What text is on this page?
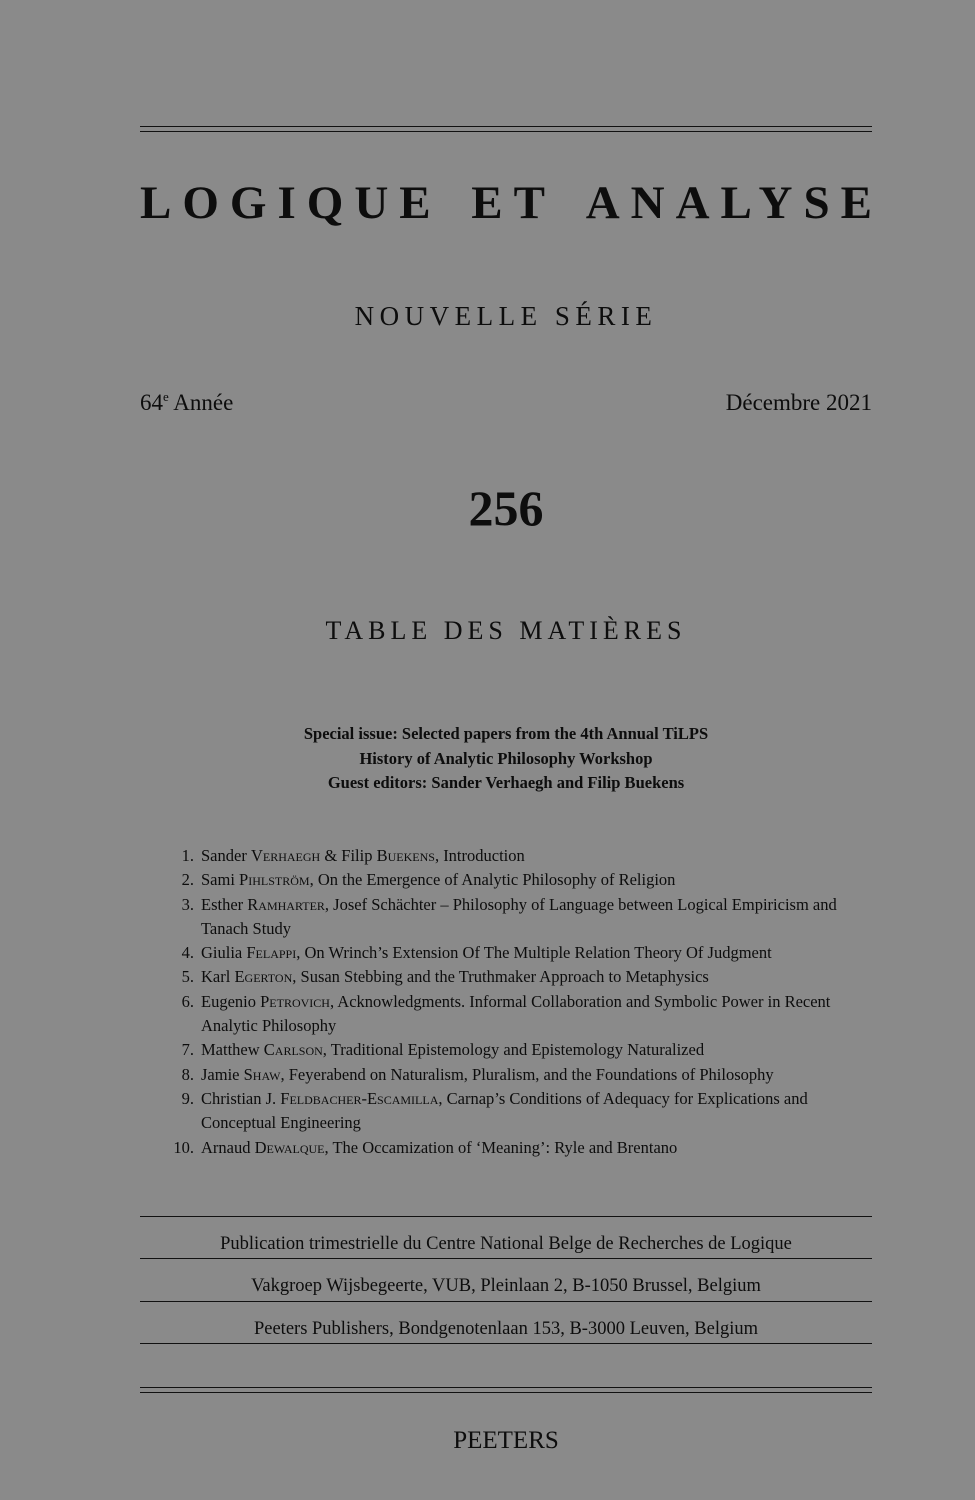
LOGIQUE ET ANALYSE
NOUVELLE SÉRIE
64e Année	Décembre 2021
256
TABLE DES MATIÈRES
Special issue: Selected papers from the 4th Annual TiLPS
History of Analytic Philosophy Workshop
Guest editors: Sander Verhaegh and Filip Buekens
1. Sander Verhaegh & Filip Buekens, Introduction
2. Sami Pihlström, On the Emergence of Analytic Philosophy of Religion
3. Esther Ramharter, Josef Schächter – Philosophy of Language between Logical Empiricism and Tanach Study
4. Giulia Felappi, On Wrinch’s Extension Of The Multiple Relation Theory Of Judgment
5. Karl Egerton, Susan Stebbing and the Truthmaker Approach to Metaphysics
6. Eugenio Petrovich, Acknowledgments. Informal Collaboration and Symbolic Power in Recent Analytic Philosophy
7. Matthew Carlson, Traditional Epistemology and Epistemology Naturalized
8. Jamie Shaw, Feyerabend on Naturalism, Pluralism, and the Foundations of Philosophy
9. Christian J. Feldbacher-Escamilla, Carnap’s Conditions of Adequacy for Explications and Conceptual Engineering
10. Arnaud Dewalque, The Occamization of ‘Meaning’: Ryle and Brentano
Publication trimestrielle du Centre National Belge de Recherches de Logique
Vakgroep Wijsbegeerte, VUB, Pleinlaan 2, B-1050 Brussel, Belgium
Peeters Publishers, Bondgenotenlaan 153, B-3000 Leuven, Belgium
PEETERS
